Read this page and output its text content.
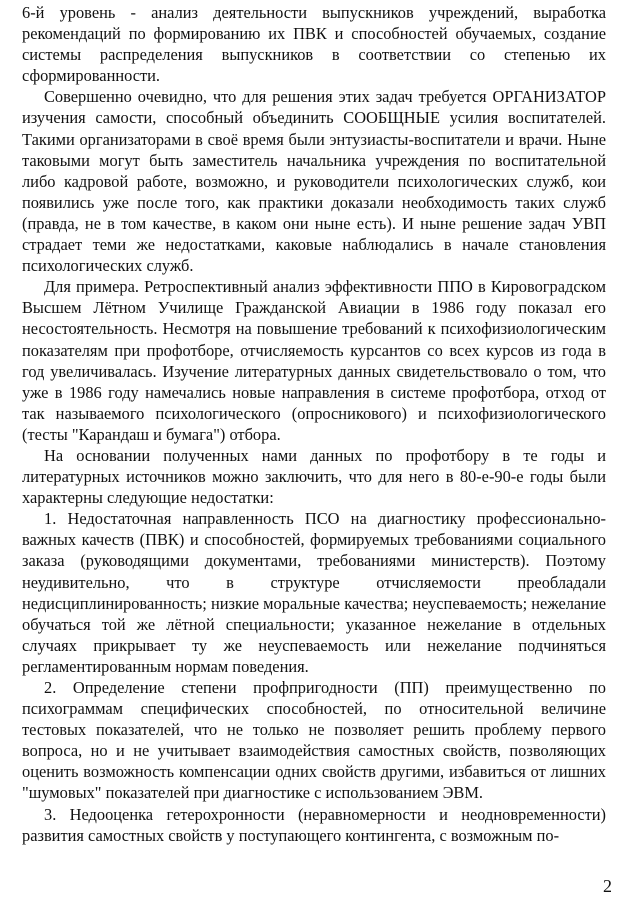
6-й уровень - анализ деятельности выпускников учреждений, выработка рекомендаций по формированию их ПВК и способностей обучаемых, создание системы распределения выпускников в соответствии со степенью их сформированности.

Совершенно очевидно, что для решения этих задач требуется ОРГАНИЗАТОР изучения самости, способный объединить СООБЩНЫЕ усилия воспитателей. Такими организаторами в своё время были энтузиасты-воспитатели и врачи. Ныне таковыми могут быть заместитель начальника учреждения по воспитательной либо кадровой работе, возможно, и руководители психологических служб, кои появились уже после того, как практики доказали необходимость таких служб (правда, не в том качестве, в каком они ныне есть). И ныне решение задач УВП страдает теми же недостатками, каковые наблюдались в начале становления психологических служб.

Для примера. Ретроспективный анализ эффективности ППО в Кировоградском Высшем Лётном Училище Гражданской Авиации в 1986 году показал его несостоятельность. Несмотря на повышение требований к психофизиологическим показателям при профотборе, отчисляемость курсантов со всех курсов из года в год увеличивалась. Изучение литературных данных свидетельствовало о том, что уже в 1986 году намечались новые направления в системе профотбора, отход от так называемого психологического (опросникового) и психофизиологического (тесты "Карандаш и бумага") отбора.

На основании полученных нами данных по профотбору в те годы и литературных источников можно заключить, что для него в 80-е-90-е годы были характерны следующие недостатки:

1. Недостаточная направленность ПСО на диагностику профессионально-важных качеств (ПВК) и способностей, формируемых требованиями социального заказа (руководящими документами, требованиями министерств). Поэтому неудивительно, что в структуре отчисляемости преобладали недисциплинированность; низкие моральные качества; неуспеваемость; нежелание обучаться той же лётной специальности; указанное нежелание в отдельных случаях прикрывает ту же неуспеваемость или нежелание подчиняться регламентированным нормам поведения.

2. Определение степени профпригодности (ПП) преимущественно по психограммам специфических способностей, по относительной величине тестовых показателей, что не только не позволяет решить проблему первого вопроса, но и не учитывает взаимодействия самостных свойств, позволяющих оценить возможность компенсации одних свойств другими, избавиться от лишних "шумовых" показателей при диагностике с использованием ЭВМ.

3. Недооценка гетерохронности (неравномерности и неодновременности) развития самостных свойств у поступающего контингента, с возможным по-

2
